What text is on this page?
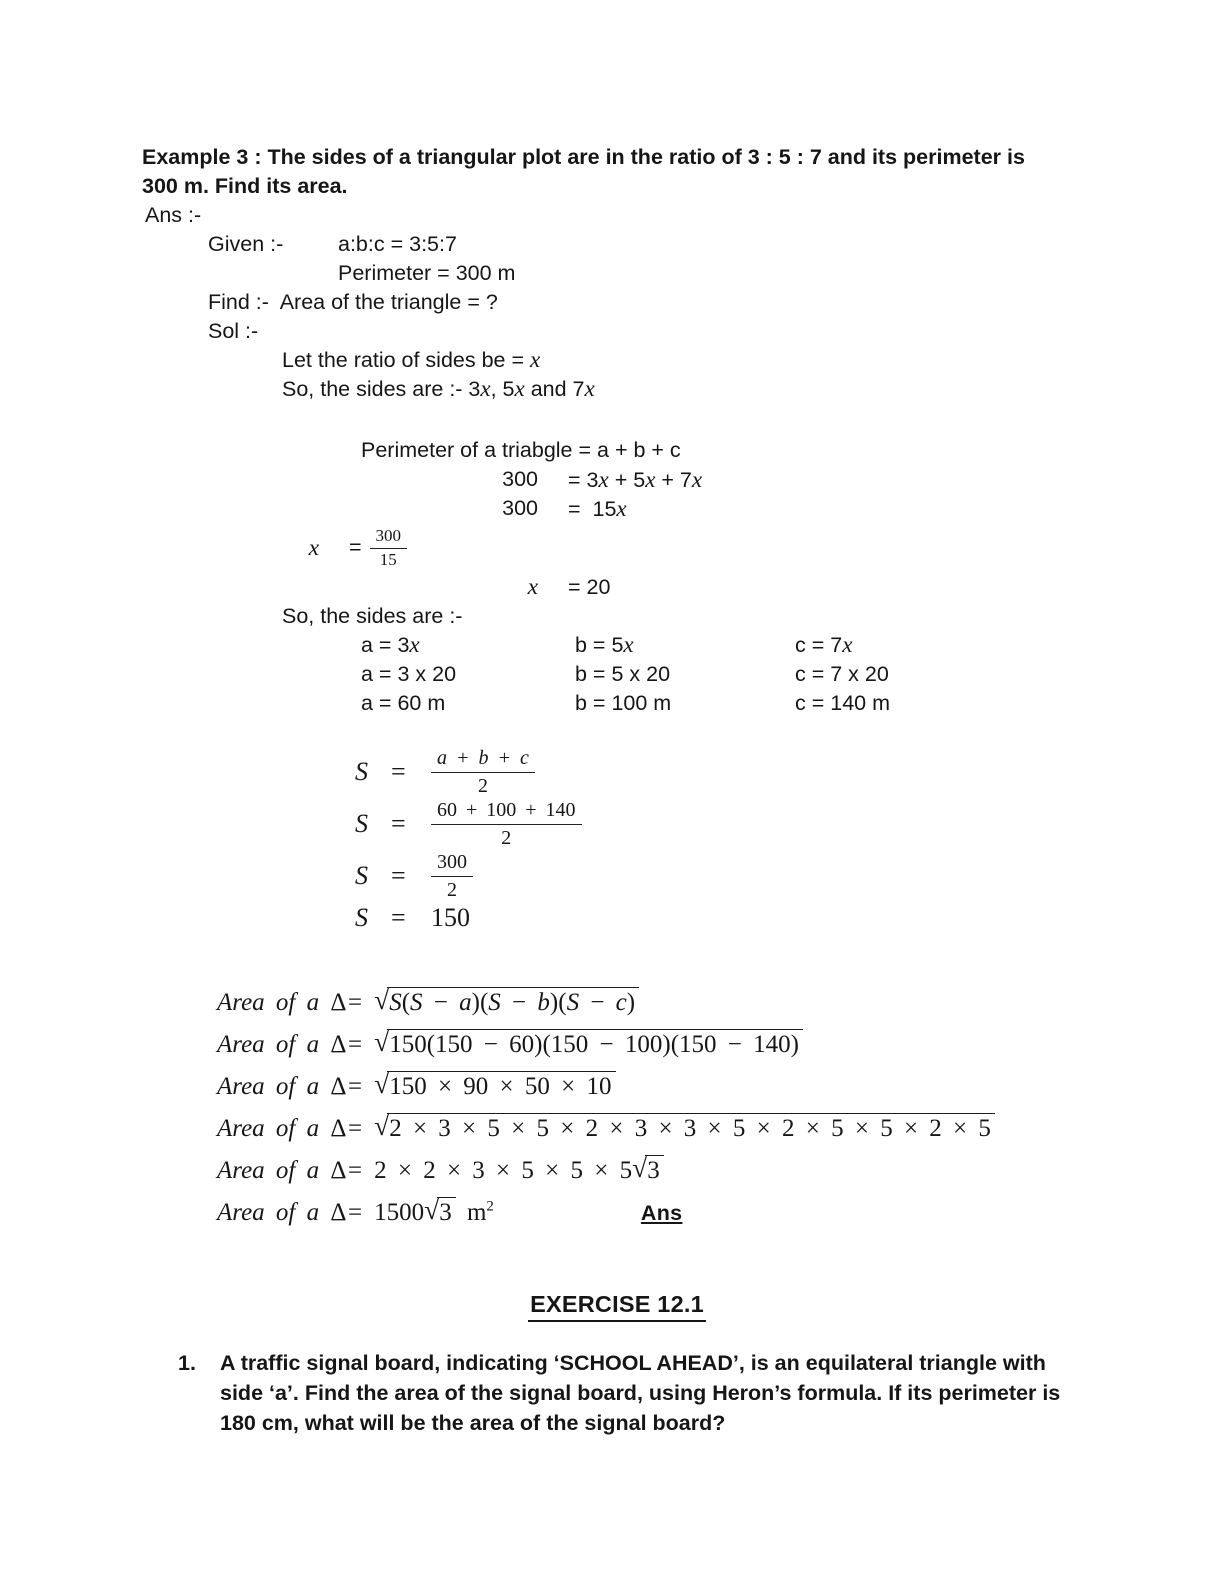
Example 3 : The sides of a triangular plot are in the ratio of 3 : 5 : 7 and its perimeter is
300 m. Find its area.
Ans :-
Given :-	a:b:c = 3:5:7
Perimeter = 300 m
Find :-  Area of the triangle = ?
Sol :-
Let the ratio of sides be = x
So, the sides are :- 3x, 5x and 7x
Perimeter of a triabgle = a + b + c
300	= 3x + 5x + 7x
300	=  15x
x	= $\frac{300}{15}$
x	= 20
So, the sides are :-
a = 3x	b = 5x	c = 7x
a = 3 x 20	b = 5 x 20	c = 7 x 20
a = 60 m	b = 100 m	c = 140 m
S =	$\frac{a + b + c}{2}$
S =	$\frac{60 + 100 + 140}{2}$
S =	$\frac{300}{2}$
S = 150
Area of a Δ = √S(S − a)(S − b)(S − c)
Area of a Δ = √150(150 − 60)(150 − 100)(150 − 140)
Area of a Δ = √150 × 90 × 50 × 10
Area of a Δ = √2 × 3 × 5 × 5 × 2 × 3 × 3 × 5 × 2 × 5 × 5 × 2 × 5
Area of a Δ = 2 × 2 × 3 × 5 × 5 × 5√3
Area of a Δ = 1500√3 $m^2$	Ans
EXERCISE 12.1
1.	A traffic signal board, indicating ‘SCHOOL AHEAD’, is an equilateral triangle with
side ‘a’. Find the area of the signal board, using Heron’s formula. If its perimeter is
180 cm, what will be the area of the signal board?
